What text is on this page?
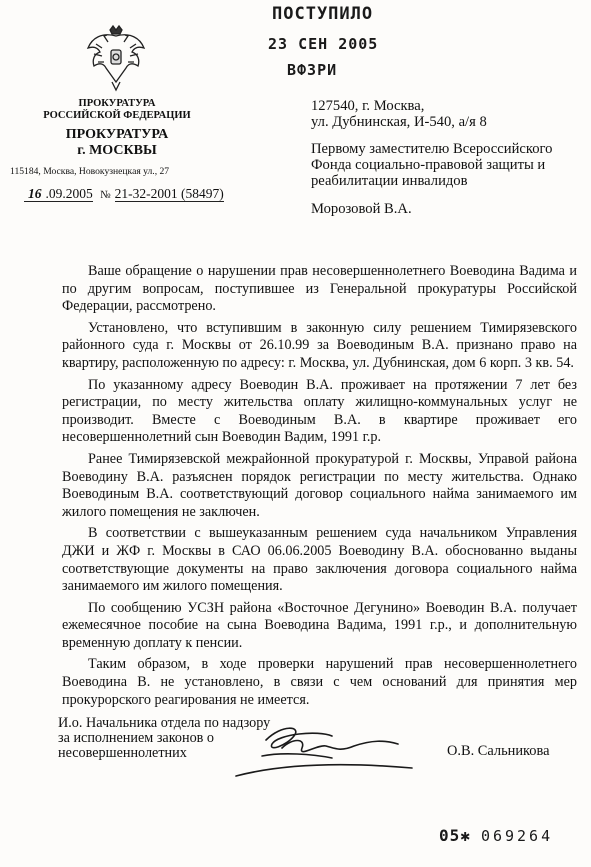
ПОСТУПИЛО
23 СЕН 2005
ВФЗРИ
ПРОКУРАТУРА
РОССИЙСКОЙ ФЕДЕРАЦИИ
ПРОКУРАТУРА
г. МОСКВЫ
115184, Москва, Новокузнецкая ул., 27
16 .09.2005 № 21-32-2001 (58497)
127540, г. Москва,
ул. Дубнинская, И-540, а/я 8
Первому заместителю Всероссийского
Фонда социально-правовой защиты и
реабилитации инвалидов
Морозовой В.А.

Ваше обращение о нарушении прав несовершеннолетнего Воеводина Вадима и по другим вопросам, поступившее из Генеральной прокуратуры Российской Федерации, рассмотрено.

Установлено, что вступившим в законную силу решением Тимирязевского районного суда г. Москвы от 26.10.99 за Воеводиным В.А. признано право на квартиру, расположенную по адресу: г. Москва, ул. Дубнинская, дом 6 корп. 3 кв. 54.

По указанному адресу Воеводин В.А. проживает на протяжении 7 лет без регистрации, по месту жительства оплату жилищно-коммунальных услуг не производит. Вместе с Воеводиным В.А. в квартире проживает его несовершеннолетний сын Воеводин Вадим, 1991 г.р.

Ранее Тимирязевской межрайонной прокуратурой г. Москвы, Управой района Воеводину В.А. разъяснен порядок регистрации по месту жительства. Однако Воеводиным В.А. соответствующий договор социального найма занимаемого им жилого помещения не заключен.

В соответствии с вышеуказанным решением суда начальником Управления ДЖИ и ЖФ г. Москвы в САО 06.06.2005 Воеводину В.А. обоснованно выданы соответствующие документы на право заключения договора социального найма занимаемого им жилого помещения.

По сообщению УСЗН района «Восточное Дегунино» Воеводин В.А. получает ежемесячное пособие на сына Воеводина Вадима, 1991 г.р., и дополнительную временную доплату к пенсии.

Таким образом, в ходе проверки нарушений прав несовершеннолетнего Воеводина В. не установлено, в связи с чем оснований для принятия мер прокурорского реагирования не имеется.

И.о. Начальника отдела по надзору
за исполнением законов о
несовершеннолетних	О.В. Сальникова
05✱ 069264
